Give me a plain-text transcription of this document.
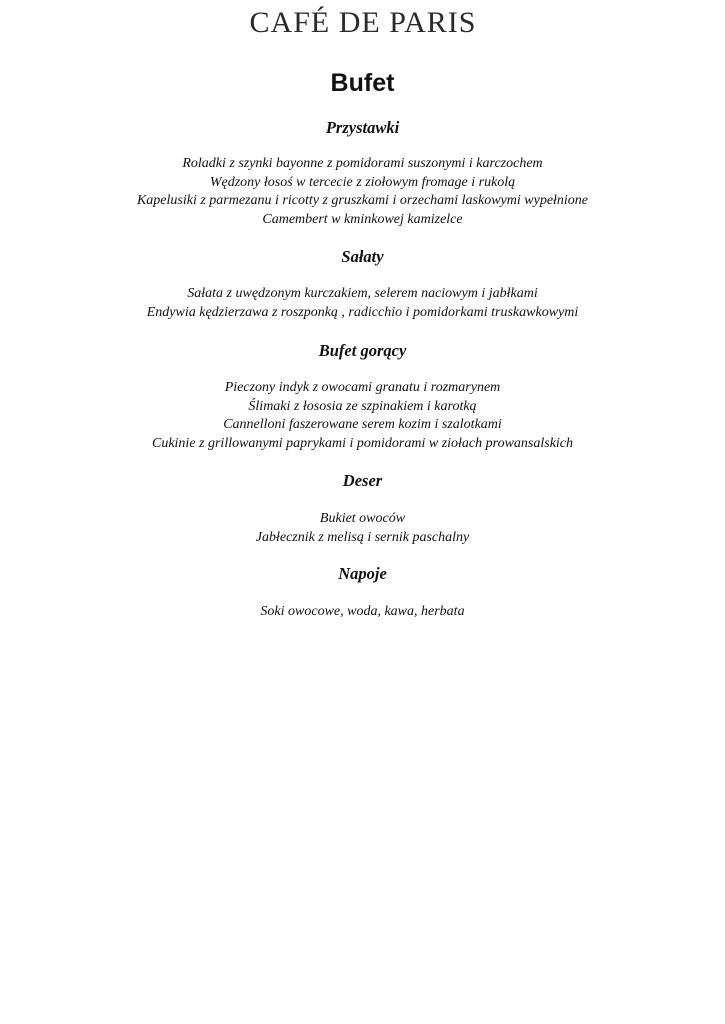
CAFÉ DE PARIS
Bufet
Przystawki
Roladki z szynki bayonne z pomidorami suszonymi i karczochem
Wędzony łosoś w tercecie z ziołowym fromage i rukolą
Kapelusiki z parmezanu i ricotty z gruszkami i orzechami laskowymi wypełnione
Camembert w kminkowej kamizelce
Sałaty
Sałata z uwędzonym kurczakiem, selerem naciowym i jabłkami
Endywia kędzierzawa z roszponką , radicchio i pomidorkami truskawkowymi
Bufet gorący
Pieczony indyk z owocami granatu i rozmarynem
Ślimaki z łososia ze szpinakiem i karotką
Cannelloni faszerowane serem kozim i szalotkami
Cukinie z grillowanymi paprykami i pomidorami w ziołach prowansalskich
Deser
Bukiet owoców
Jabłecznik z melisą i sernik paschalny
Napoje
Soki owocowe, woda, kawa, herbata
